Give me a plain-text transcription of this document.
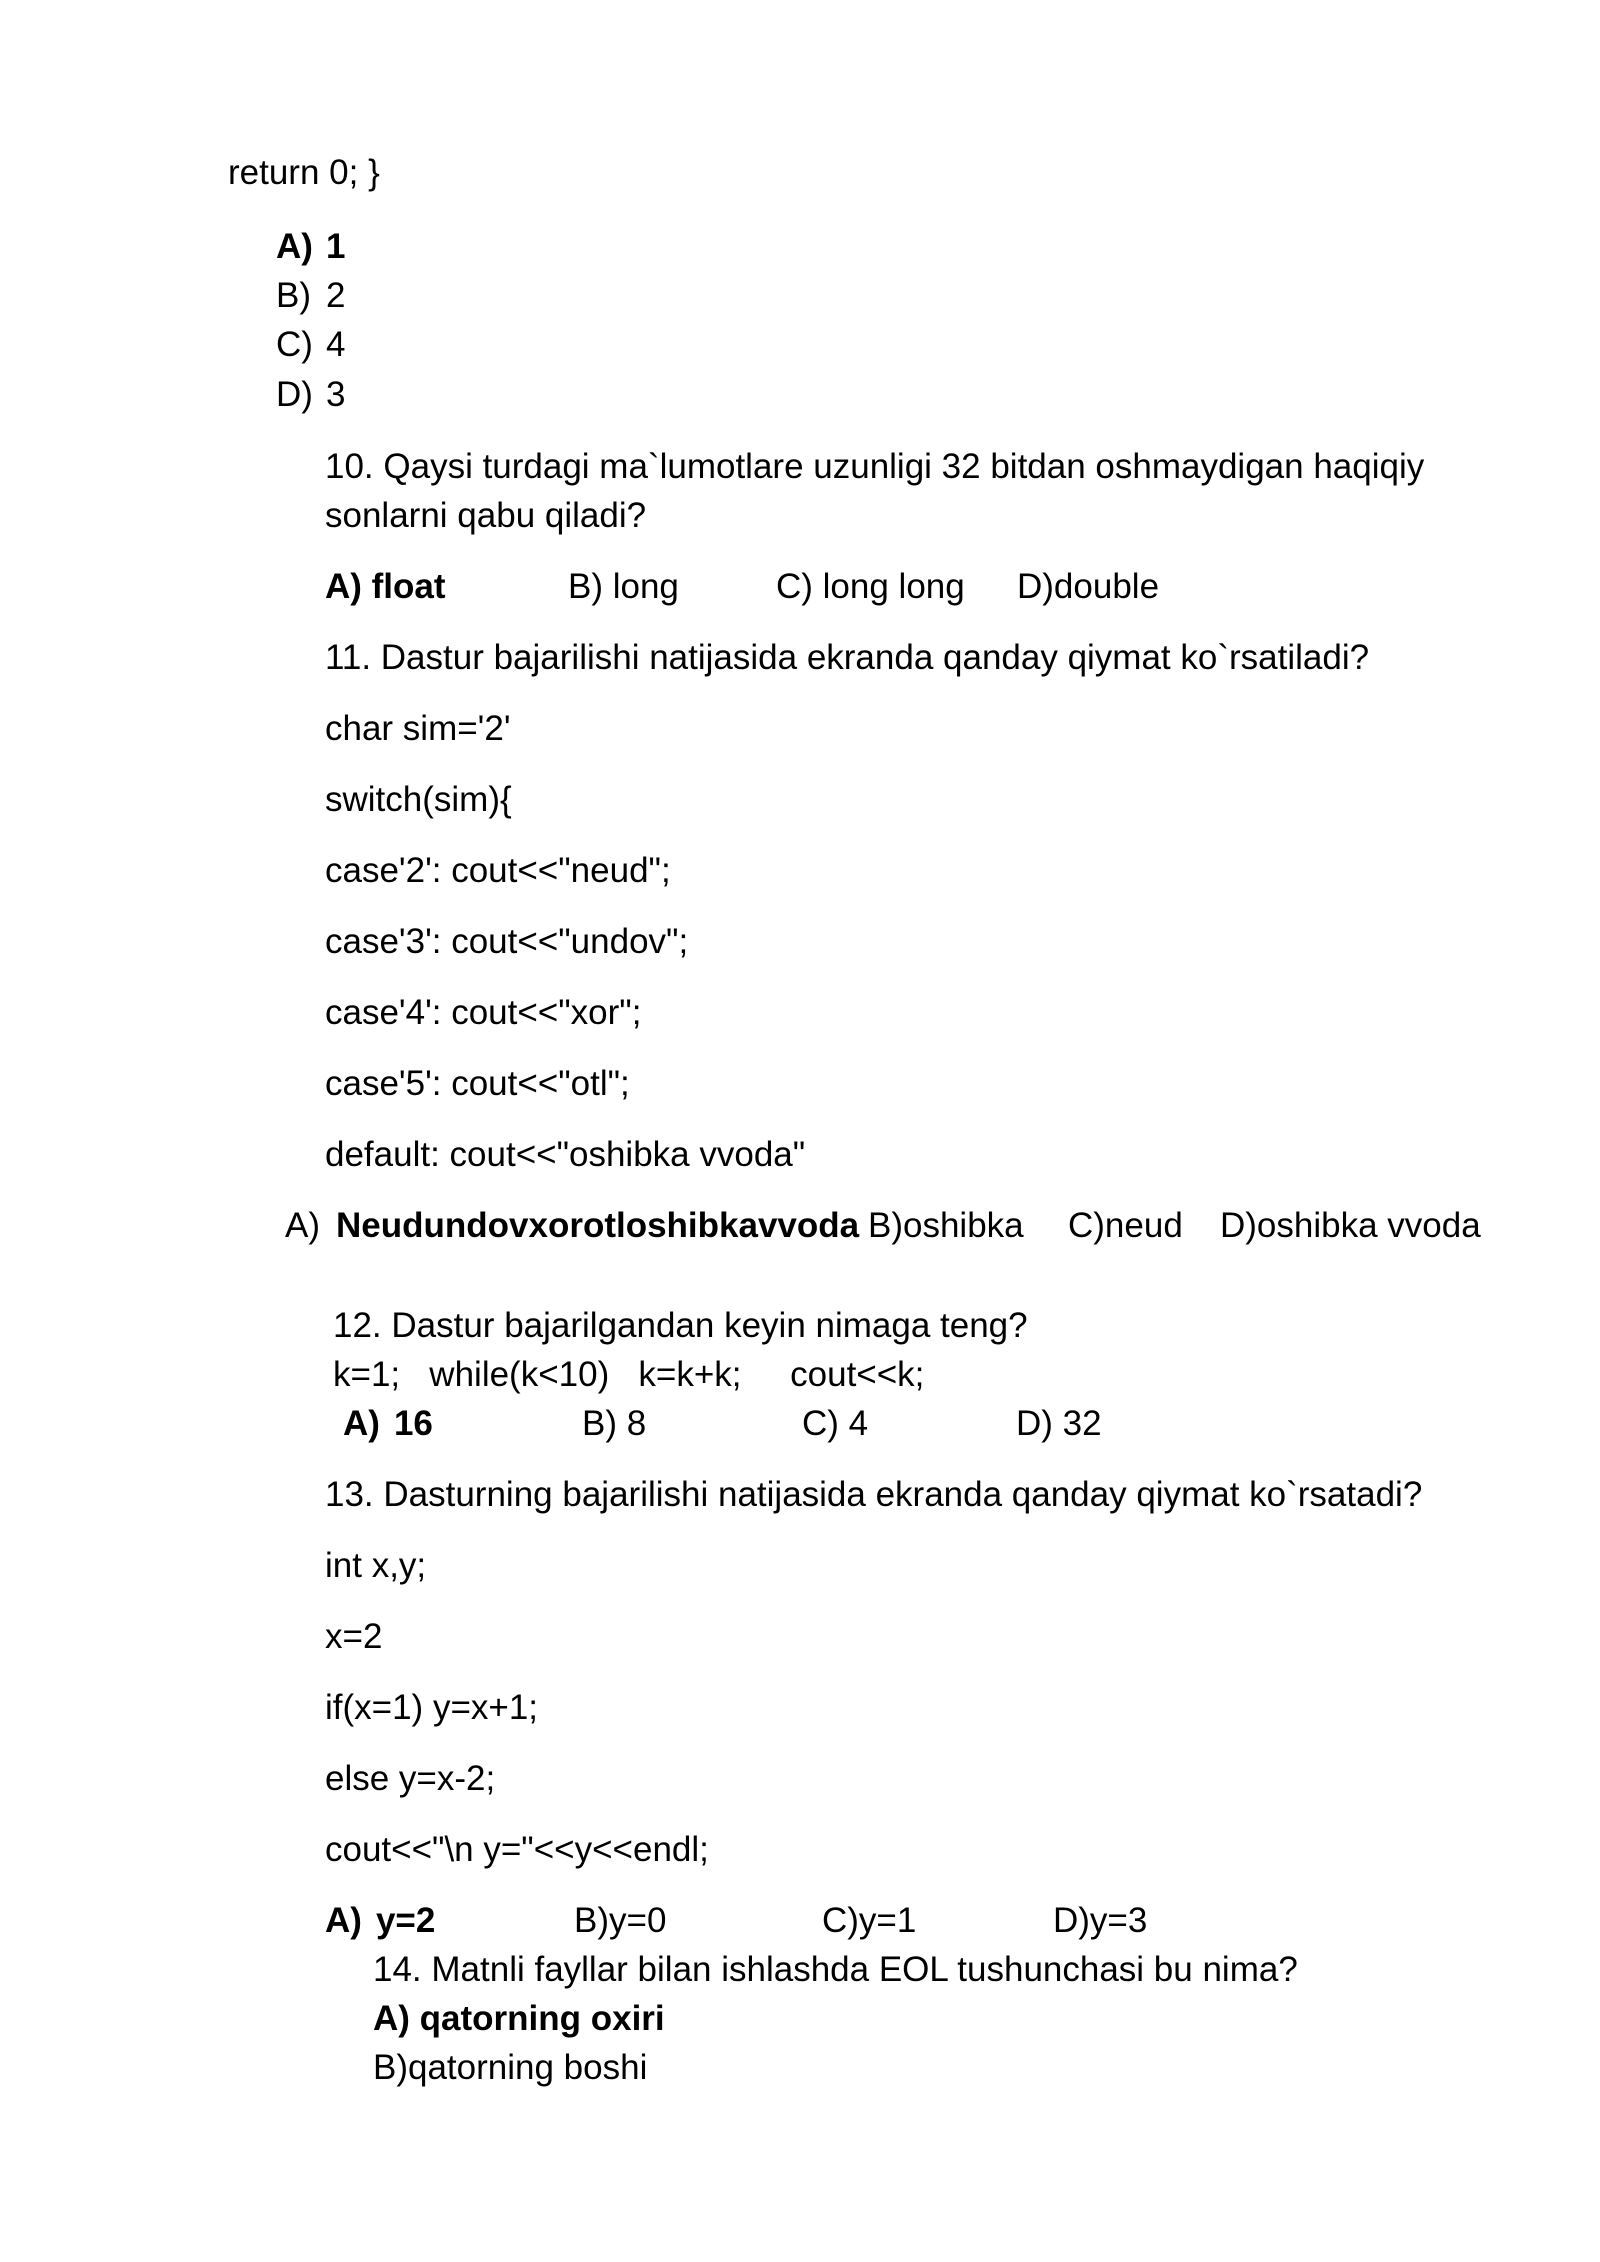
return 0; }
A) 1
B) 2
C) 4
D) 3
10. Qaysi turdagi ma`lumotlare uzunligi 32 bitdan oshmaydigan haqiqiy
sonlarni qabu qiladi?
A) float	B) long	C) long long D)double
11. Dastur bajarilishi natijasida ekranda qanday qiymat ko`rsatiladi?
char sim='2'
switch(sim){
case'2': cout<<"neud";
case'3': cout<<"undov";
case'4': cout<<"xor";
case'5': cout<<"otl";
default: cout<<"oshibka vvoda"
A) Neudundovxorotloshibkavvoda B)oshibka C)neud D)oshibka vvoda
12. Dastur bajarilgandan keyin nimaga teng?
k=1;   while(k<10)   k=k+k;     cout<<k;
A) 16	B) 8	C) 4	D) 32
13. Dasturning bajarilishi natijasida ekranda qanday qiymat ko`rsatadi?
int x,y;
x=2
if(x=1) y=x+1;
else y=x-2;
cout<<"\n y="<<y<<endl;
A) y=2	B)y=0	C)y=1	D)y=3
14. Matnli fayllar bilan ishlashda EOL tushunchasi bu nima?
A) qatorning oxiri
B)qatorning boshi
